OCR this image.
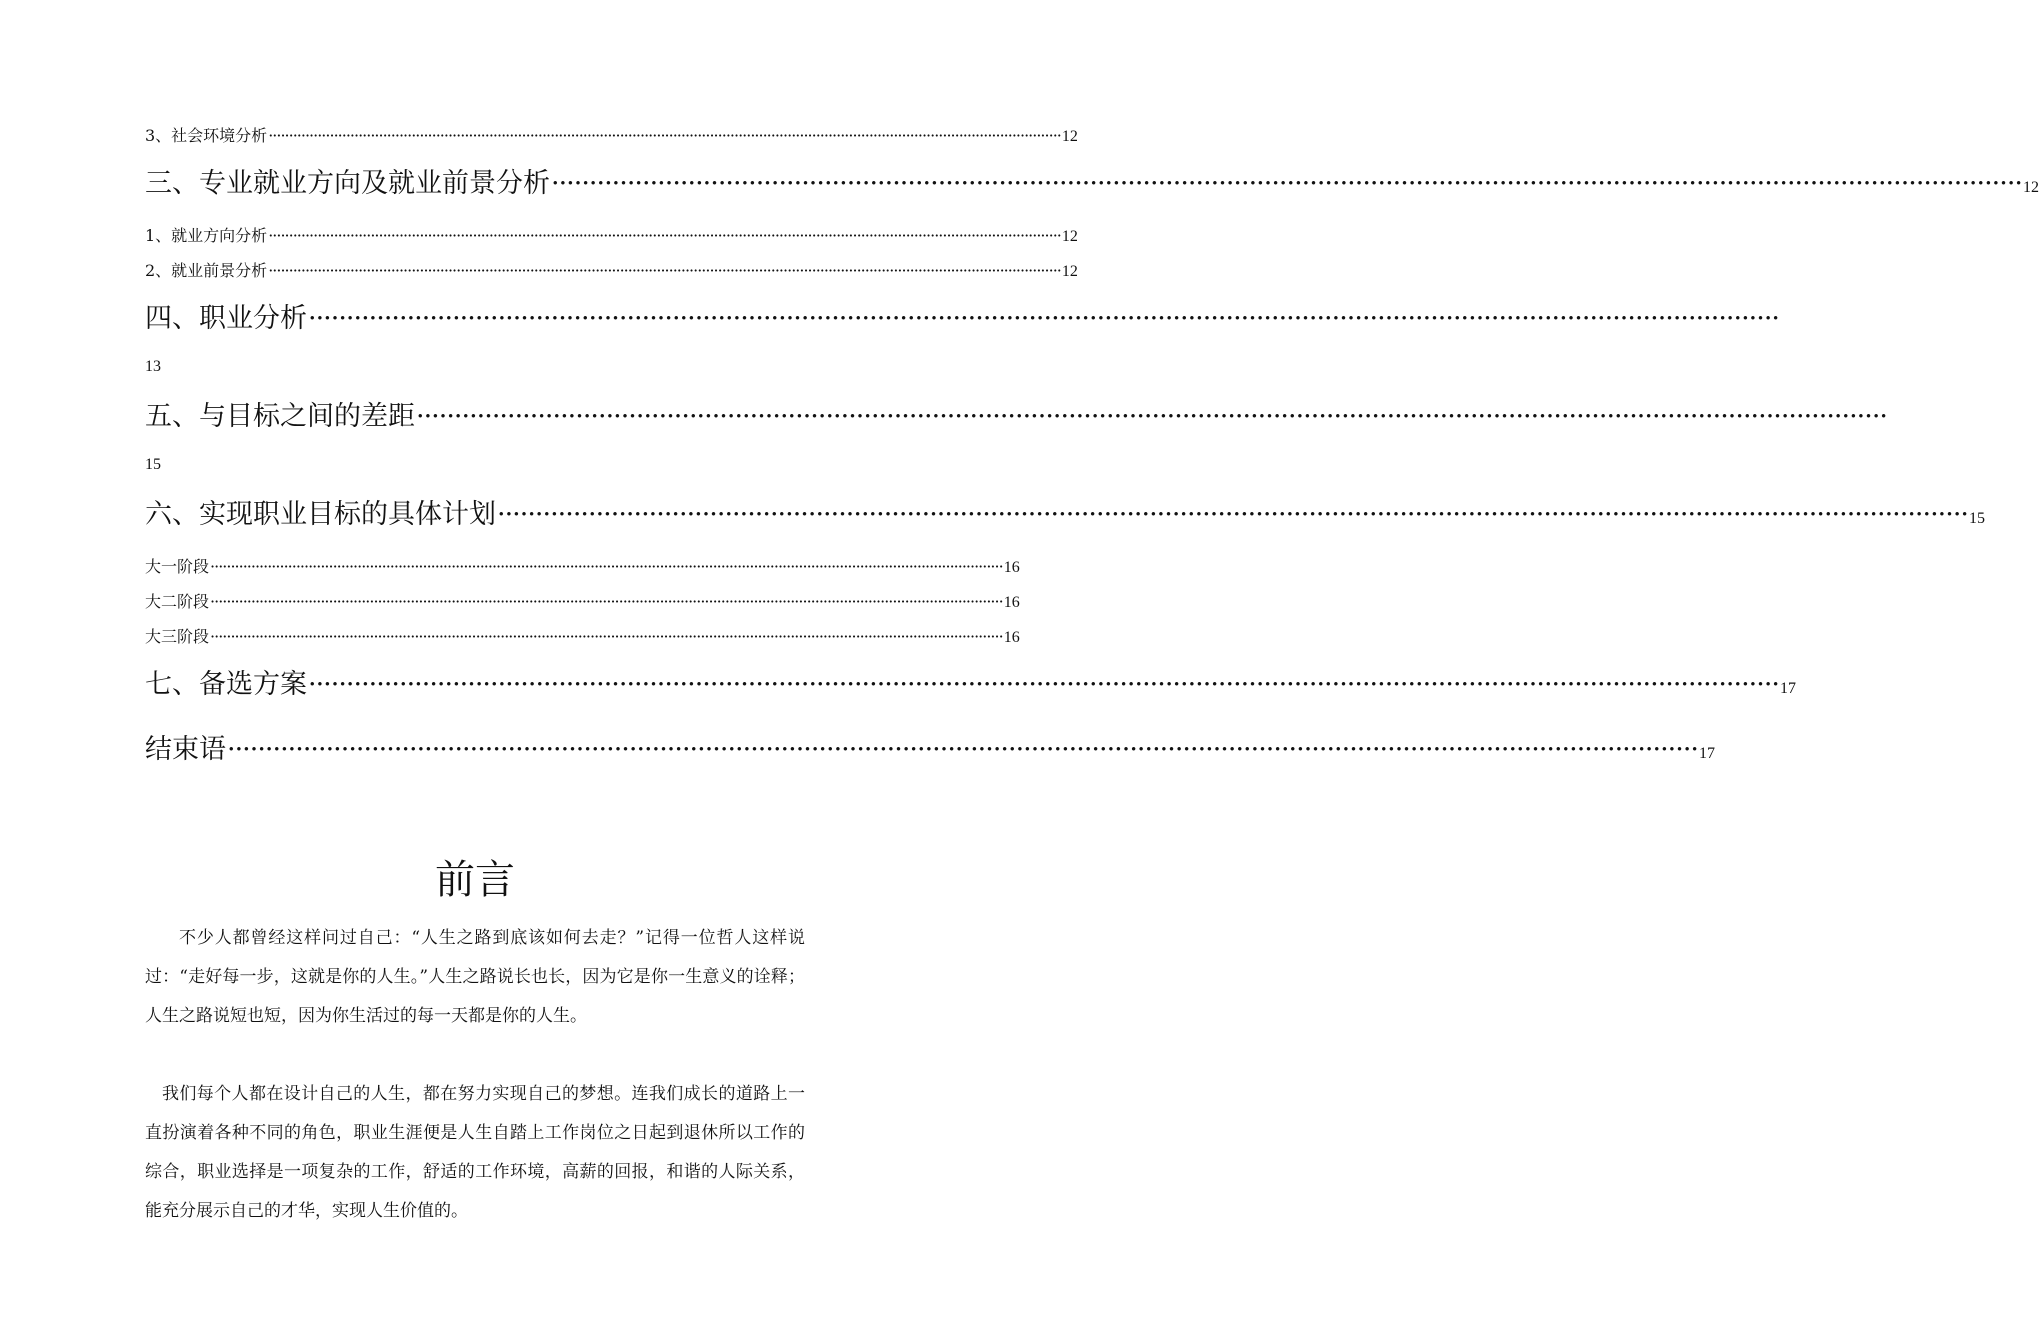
3、社会环境分析 ·································································································································································································· 12
三、专业就业方向及就业前景分析 ·································································································································································································· 12
1、就业方向分析 ·································································································································································································· 12
2、就业前景分析 ·································································································································································································· 12
四、职业分析 ··································································································································································································
13
五、与目标之间的差距 ··································································································································································································
15
六、实现职业目标的具体计划 ·································································································································································································· 15
大一阶段 ·································································································································································································· 16
大二阶段 ·································································································································································································· 16
大三阶段 ·································································································································································································· 16
七、备选方案 ·································································································································································································· 17
结束语 ·································································································································································································· 17
前言

不少人都曾经这样问过自己：“人生之路到底该如何去走？”记得一位哲人这样说过：“走好每一步，这就是你的人生。”人生之路说长也长，因为它是你一生意义的诠释；人生之路说短也短，因为你生活过的每一天都是你的人生。

我们每个人都在设计自己的人生，都在努力实现自己的梦想。连我们成长的道路上一直扮演着各种不同的角色，职业生涯便是人生自踏上工作岗位之日起到退休所以工作的综合，职业选择是一项复杂的工作，舒适的工作环境，高薪的回报，和谐的人际关系，能充分展示自己的才华，实现人生价值的。
